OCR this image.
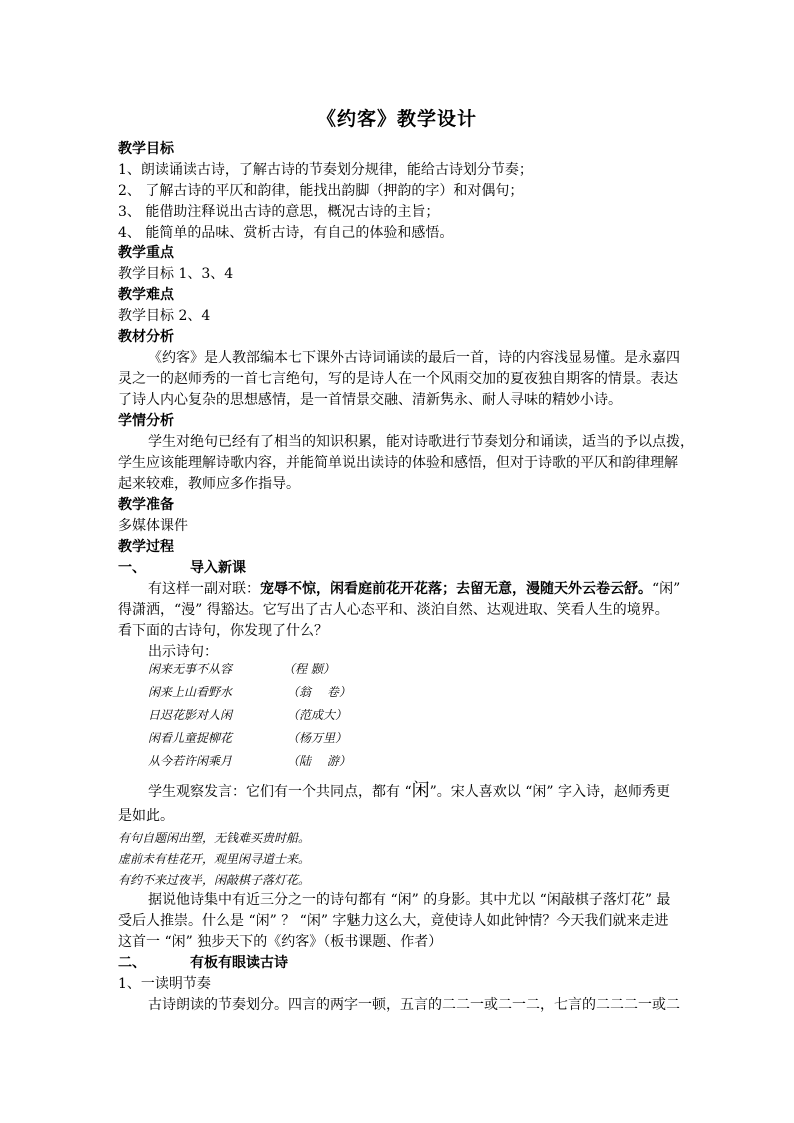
《约客》教学设计
教学目标
1、朗读诵读古诗，了解古诗的节奏划分规律，能给古诗划分节奏；
2、 了解古诗的平仄和韵律，能找出韵脚（押韵的字）和对偶句；
3、 能借助注释说出古诗的意思，概况古诗的主旨；
4、 能简单的品味、赏析古诗，有自己的体验和感悟。
教学重点
教学目标 1、3、4
教学难点
教学目标 2、4
教材分析
《约客》是人教部编本七下课外古诗词诵读的最后一首，诗的内容浅显易懂。是永嘉四
灵之一的赵师秀的一首七言绝句，写的是诗人在一个风雨交加的夏夜独自期客的情景。表达
了诗人内心复杂的思想感情，是一首情景交融、清新隽永、耐人寻味的精妙小诗。
学情分析
学生对绝句已经有了相当的知识积累，能对诗歌进行节奏划分和诵读，适当的予以点拨，
学生应该能理解诗歌内容，并能简单说出读诗的体验和感悟，但对于诗歌的平仄和韵律理解
起来较难，教师应多作指导。
教学准备
多媒体课件
教学过程
一、	导入新课
有这样一副对联：宠辱不惊，闲看庭前花开花落；去留无意，漫随天外云卷云舒。“闲”
得潇洒，“漫” 得豁达。它写出了古人心态平和、淡泊自然、达观进取、笑看人生的境界。
看下面的古诗句，你发现了什么？
出示诗句：
闲来无事不从容	（程 颢）
闲来上山看野水	（翁　 卷）
日迟花影对人闲	（范成大）
闲看儿童捉柳花	（杨万里）
从今若许闲乘月	（陆　 游）
学生观察发言：它们有一个共同点，都有 “闲”。宋人喜欢以 “闲” 字入诗，赵师秀更
是如此。
有句自题闲出塑，无钱难买贵时船。
虚前未有桂花开，观里闲寻道士来。
有约不来过夜半，闲敲棋子落灯花。
据说他诗集中有近三分之一的诗句都有 “闲” 的身影。其中尤以 “闲敲棋子落灯花” 最
受后人推崇。什么是 “闲” ？ “闲” 字魅力这么大，竟使诗人如此钟情？今天我们就来走进
这首一 “闲” 独步天下的《约客》（板书课题、作者）
二、	有板有眼读古诗
1、一读明节奏
古诗朗读的节奏划分。四言的两字一顿，五言的二二一或二一二，七言的二二二一或二
